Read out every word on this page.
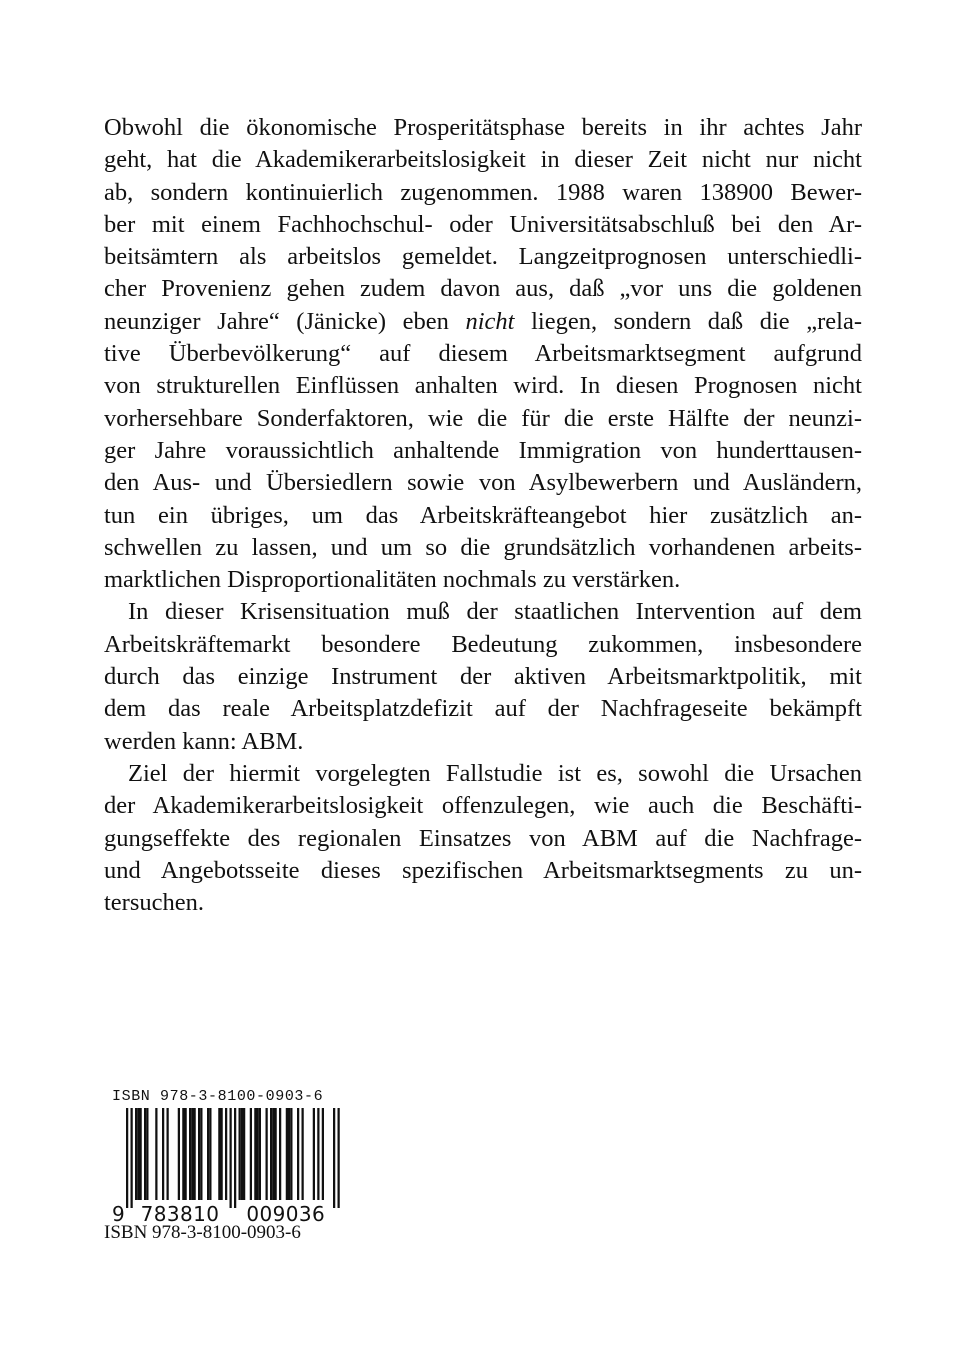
Obwohl die ökonomische Prosperitätsphase bereits in ihr achtes Jahr
geht, hat die Akademikerarbeitslosigkeit in dieser Zeit nicht nur nicht
ab, sondern kontinuierlich zugenommen. 1988 waren 138900 Bewer-
ber mit einem Fachhochschul- oder Universitätsabschluß bei den Ar-
beitsämtern als arbeitslos gemeldet. Langzeitprognosen unterschiedli-
cher Provenienz gehen zudem davon aus, daß „vor uns die goldenen
neunziger Jahre“ (Jänicke) eben nicht liegen, sondern daß die „rela-
tive Überbevölkerung“ auf diesem Arbeitsmarktsegment aufgrund
von strukturellen Einflüssen anhalten wird. In diesen Prognosen nicht
vorhersehbare Sonderfaktoren, wie die für die erste Hälfte der neunzi-
ger Jahre voraussichtlich anhaltende Immigration von hunderttausen-
den Aus- und Übersiedlern sowie von Asylbewerbern und Ausländern,
tun ein übriges, um das Arbeitskräfteangebot hier zusätzlich an-
schwellen zu lassen, und um so die grundsätzlich vorhandenen arbeits-
marktlichen Disproportionalitäten nochmals zu verstärken.

In dieser Krisensituation muß der staatlichen Intervention auf dem
Arbeitskräftemarkt besondere Bedeutung zukommen, insbesondere
durch das einzige Instrument der aktiven Arbeitsmarktpolitik, mit
dem das reale Arbeitsplatzdefizit auf der Nachfrageseite bekämpft
werden kann: ABM.

Ziel der hiermit vorgelegten Fallstudie ist es, sowohl die Ursachen
der Akademikerarbeitslosigkeit offenzulegen, wie auch die Beschäfti-
gungseffekte des regionalen Einsatzes von ABM auf die Nachfrage-
und Angebotsseite dieses spezifischen Arbeitsmarktsegments zu un-
tersuchen.

ISBN 978-3-8100-0903-6
9 783810 009036
ISBN 978-3-8100-0903-6
